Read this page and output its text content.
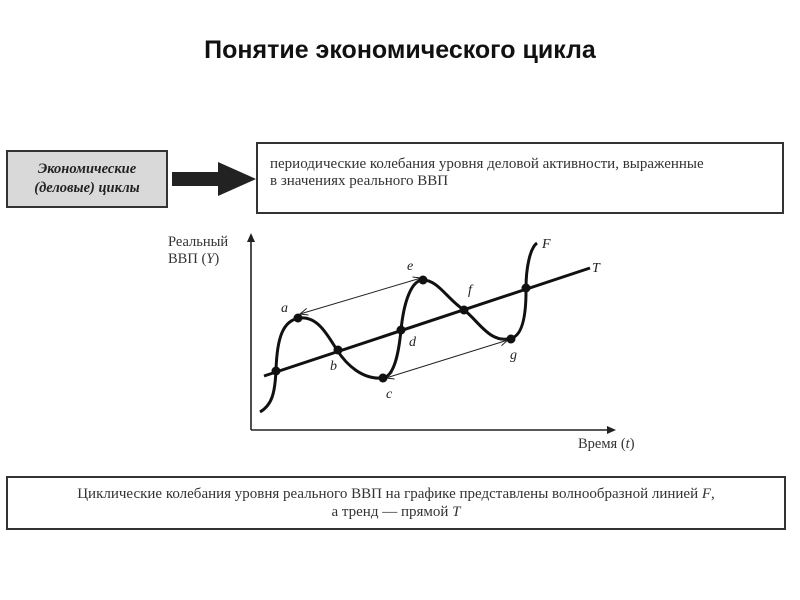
Понятие экономического цикла
Экономические
(деловые) циклы
периодические колебания уровня деловой активности, выраженные
в значениях реального ВВП
Реальный
ВВП (Y)
Время (t)
a
b
c
d
e
f
g
F
T
Циклические колебания уровня реального ВВП на графике представлены волнообразной линией F,
а тренд — прямой T
